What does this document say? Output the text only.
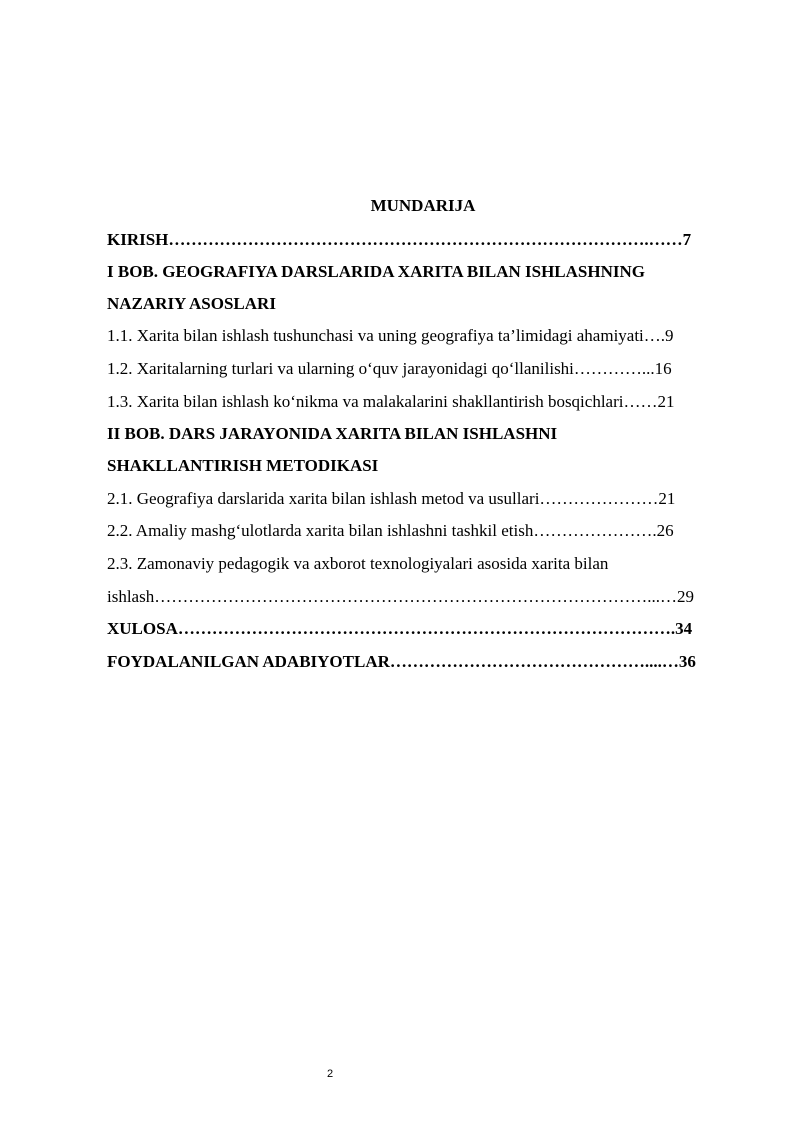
MUNDARIJA
KIRISH………………………………………………………………………….……7
I BOB. GEOGRAFIYA DARSLARIDA XARITA BILAN ISHLASHNING
NAZARIY ASOSLARI
1.1. Xarita bilan ishlash tushunchasi va uning geografiya ta’limidagi ahamiyati….9
1.2. Xaritalarning turlari va ularning o‘quv jarayonidagi qo‘llanilishi…………...16
1.3. Xarita bilan ishlash ko‘nikma va malakalarini shakllantirish bosqichlari……21
II BOB. DARS JARAYONIDA XARITA BILAN ISHLASHNI
SHAKLLANTIRISH METODIKASI
2.1. Geografiya darslarida xarita bilan ishlash metod va usullari…………………21
2.2. Amaliy mashg‘ulotlarda xarita bilan ishlashni tashkil etish………………….26
2.3. Zamonaviy pedagogik va axborot texnologiyalari asosida xarita bilan
ishlash……………………………………………………………………………...…29
XULOSA…………………………………………………………………………….34
FOYDALANILGAN ADABIYOTLAR………………………………………....…36
2
